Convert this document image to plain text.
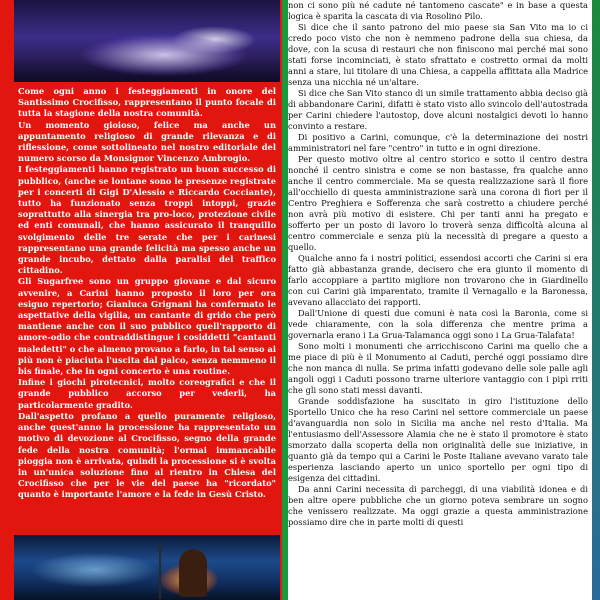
Come ogni anno i festeggiamenti in onore del Santissimo Crocifisso, rappresentano il punto focale di tutta la stagione della nostra comunità.

Un momento gioioso, felice ma anche un appuntamento religioso di grande rilevanza e di riflessione, come sottolineato nel nostro editoriale del numero scorso da Monsignor Vincenzo Ambrogio.

I festeggiamenti hanno registrato un buon successo di pubblico, (anche se lontane sono le presenze registrate per i concerti di Gigi D'Alessio e Riccardo Cocciante), tutto ha funzionato senza troppi intoppi, grazie soprattutto alla sinergia tra pro-loco, protezione civile ed enti comunali, che hanno assicurato il tranquillo svolgimento delle tre serate che per i carinesi rappresentano una grande felicità ma spesso anche un grande incubo, dettato dalla paralisi del traffico cittadino.

Gli Sugarfree sono un gruppo giovane e dal sicuro avvenire, a Carini hanno proposto il loro per ora esiguo repertorio; Gianluca Grignani ha confermato le aspettative della vigilia, un cantante di grido che però mantiene anche con il suo pubblico quell'rapporto di amore-odio che contraddistingue i cosiddetti "cantanti maledetti" o che almeno provano a farlo, in tal senso ai più non è piaciuta l'uscita dal palco, senza nemmeno il bis finale, che in ogni concerto è una routine.

Infine i giochi pirotecnici, molto coreografici e che il grande pubblico accorso per vederli, ha particolarmente gradito.

Dall'aspetto profano a quello puramente religioso, anche quest'anno la processione ha rappresentato un motivo di devozione al Crocifisso, segno della grande fede della nostra comunità; l'ormai immancabile pioggia non è arrivata, quindi la processione si è svolta in un'unica soluzione fino al rientro in Chiesa del Crocifisso che per le vie del paese ha "ricordato" quanto è importante l'amore e la fede in Gesù Cristo.

non ci sono più né cadute né tantomeno cascate" e in base a questa logica è sparita la cascata di via Rosolino Pilo.

Si dice che il santo patrono del mio paese sia San Vito ma io ci credo poco visto che non è nemmeno padrone della sua chiesa, da dove, con la scusa di restauri che non finiscono mai perché mai sono stati forse incominciati, è stato sfrattato e costretto ormai da molti anni a stare, lui titolare di una Chiesa, a cappella affittata alla Madrice senza una nicchia né un'altare.

Si dice che San Vito stanco di un simile trattamento abbia deciso già di abbandonare Carini, difatti è stato visto allo svincolo dell'autostrada per Carini chiedere l'autostop, dove alcuni nostalgici devoti lo hanno convinto a restare.

Di positivo a Carini, comunque, c'è la determinazione dei nostri amministratori nel fare "centro" in tutto e in ogni direzione.

Per questo motivo oltre al centro storico e sotto il centro destra nonché il centro sinistra e come se non bastasse, fra qualche anno anche il centro commerciale. Ma se questa realizzazione sarà il fiore all'occhiello di questa amministrazione sarà una corona di fiori per il Centro Preghiera e Sofferenza che sarà costretto a chiudere perché non avrà più motivo di esistere. Chi per tanti anni ha pregato e sofferto per un posto di lavoro lo troverà senza difficoltà alcuna al centro commerciale e senza più la necessità di pregare a questo a quello.

Qualche anno fa i nostri politici, essendosi accorti che Carini si era fatto già abbastanza grande, decisero che era giunto il momento di farlo accoppiare a partito migliore non trovarono che in Giardinello con cui Carini già imparentato, tramite il Vernagallo e la Baronessa, avevano allacciato dei rapporti.

Dall'Unione di questi due comuni è nata così la Baronia, come si vede chiaramente, con la sola differenza che mentre prima a governarla erano i La Grua-Talamanca oggi sono i La Grua-Talafata!

Sono molti i monumenti che arricchiscono Carini ma quello che a me piace di più è il Monumento ai Caduti, perché oggi possiamo dire che non manca di nulla. Se prima infatti godevano delle sole palle agli angoli oggi i Caduti possono trarne ulteriore vantaggio con i pipì rriti che gli sono stati messi davanti.

Grande soddisfazione ha suscitato in giro l'istituzione dello Sportello Unico che ha reso Carini nel settore commerciale un paese d'avanguardia non solo in Sicilia ma anche nel resto d'Italia. Ma l'entusiasmo dell'Assessore Alamia che ne è stato il promotore è stato smorzato dalla scoperta della non originalità delle sue iniziative, in quanto già da tempo qui a Carini le Poste Italiane avevano varato tale esperienza lasciando aperto un unico sportello per ogni tipo di esigenza dei cittadini.

Da anni Carini necessita di parcheggi, di una viabilità idonea e di ben altre opere pubbliche che un giorno poteva sembrare un sogno che venissero realizzate. Ma oggi grazie a questa amministrazione possiamo dire che in parte molti di questi
